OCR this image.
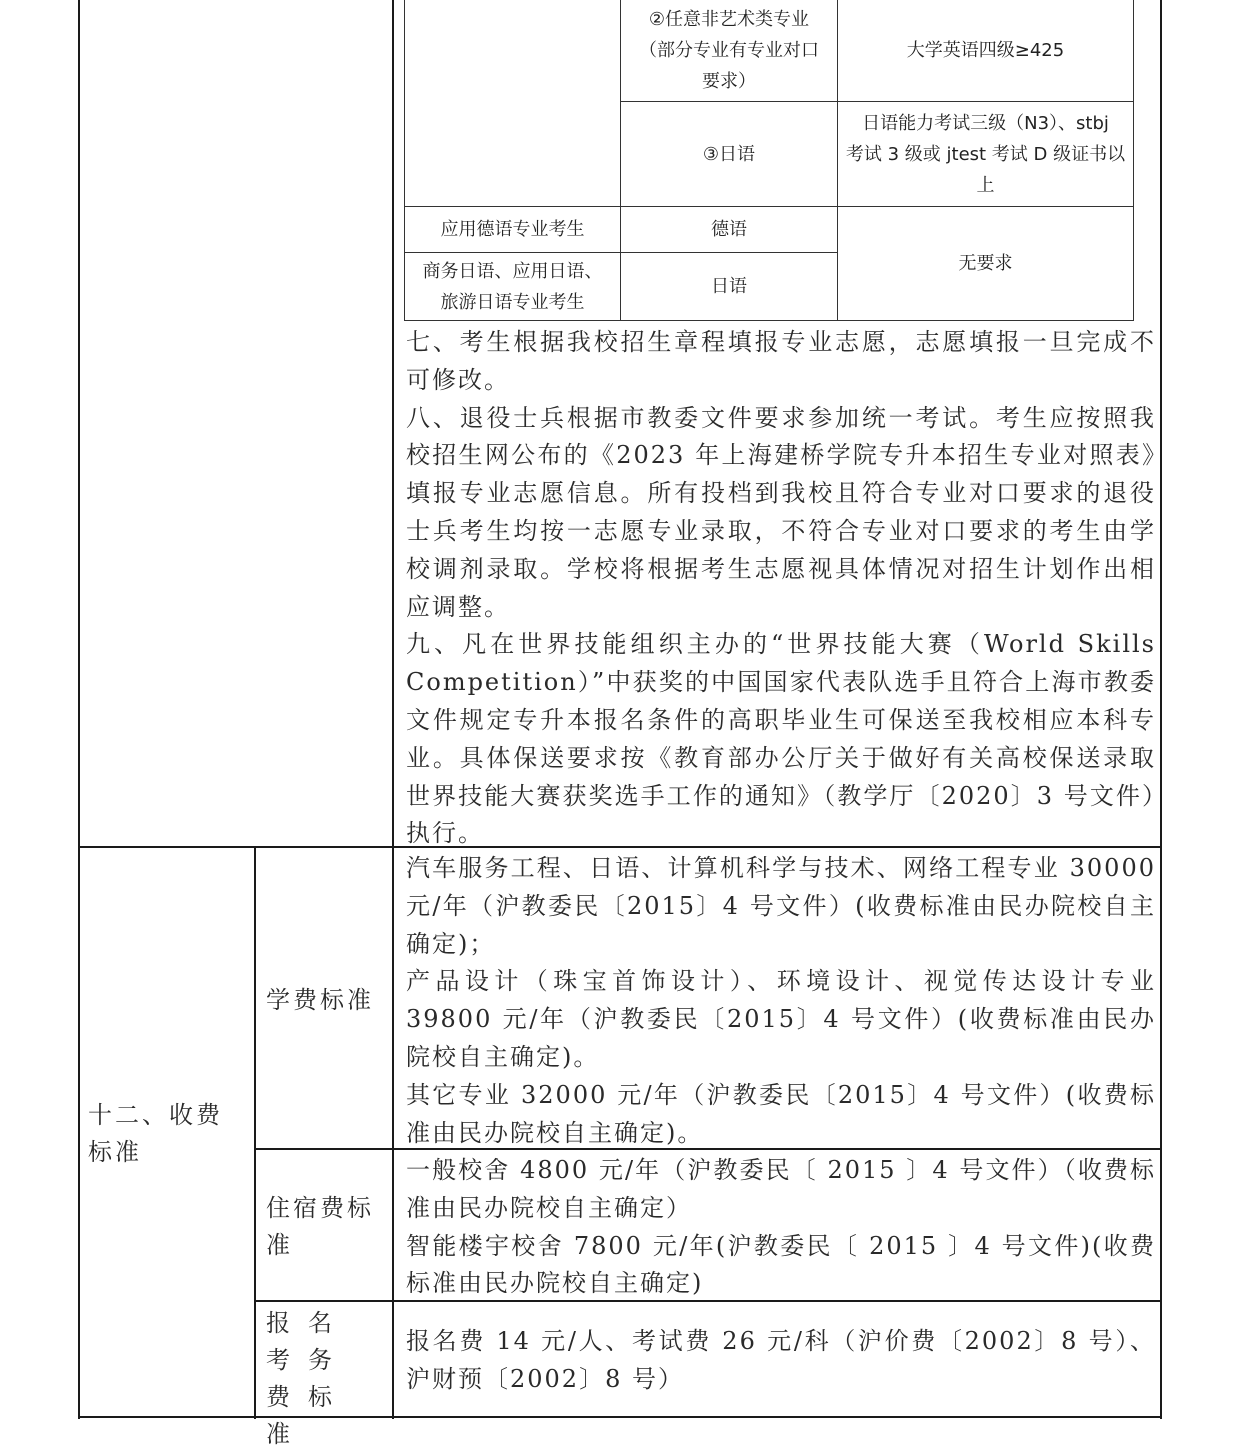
②任意非艺术类专业
（部分专业有专业对口
要求）
大学英语四级≥425
③日语
日语能力考试三级（N3）、stbj
考试 3 级或 jtest 考试 D 级证书以
上
应用德语专业考生	德语
商务日语、应用日语、
旅游日语专业考生
日语
无要求
七、考生根据我校招生章程填报专业志愿，志愿填报一旦完成不可修改。
八、退役士兵根据市教委文件要求参加统一考试。考生应按照我校招生网公布的《2023 年上海建桥学院专升本招生专业对照表》填报专业志愿信息。所有投档到我校且符合专业对口要求的退役士兵考生均按一志愿专业录取，不符合专业对口要求的考生由学校调剂录取。学校将根据考生志愿视具体情况对招生计划作出相应调整。
九、凡在世界技能组织主办的“世界技能大赛（World Skills Competition）”中获奖的中国国家代表队选手且符合上海市教委文件规定专升本报名条件的高职毕业生可保送至我校相应本科专业。具体保送要求按《教育部办公厅关于做好有关高校保送录取世界技能大赛获奖选手工作的通知》（教学厅〔2020〕3 号文件）执行。
十二、收费标准
学费标准
汽车服务工程、日语、计算机科学与技术、网络工程专业 30000 元/年（沪教委民〔2015〕4 号文件）(收费标准由民办院校自主确定)；
产品设计（珠宝首饰设计）、环境设计、视觉传达设计专业 39800 元/年（沪教委民〔2015〕4 号文件）(收费标准由民办院校自主确定)。
其它专业 32000 元/年（沪教委民〔2015〕4 号文件）(收费标准由民办院校自主确定)。
住宿费标准
一般校舍 4800 元/年（沪教委民〔 2015 〕4 号文件）（收费标准由民办院校自主确定）
智能楼宇校舍 7800 元/年(沪教委民〔 2015 〕4 号文件)(收费标准由民办院校自主确定)
报名考务费标准
报名费 14 元/人、考试费 26 元/科（沪价费〔2002〕8 号）、沪财预〔2002〕8 号）
